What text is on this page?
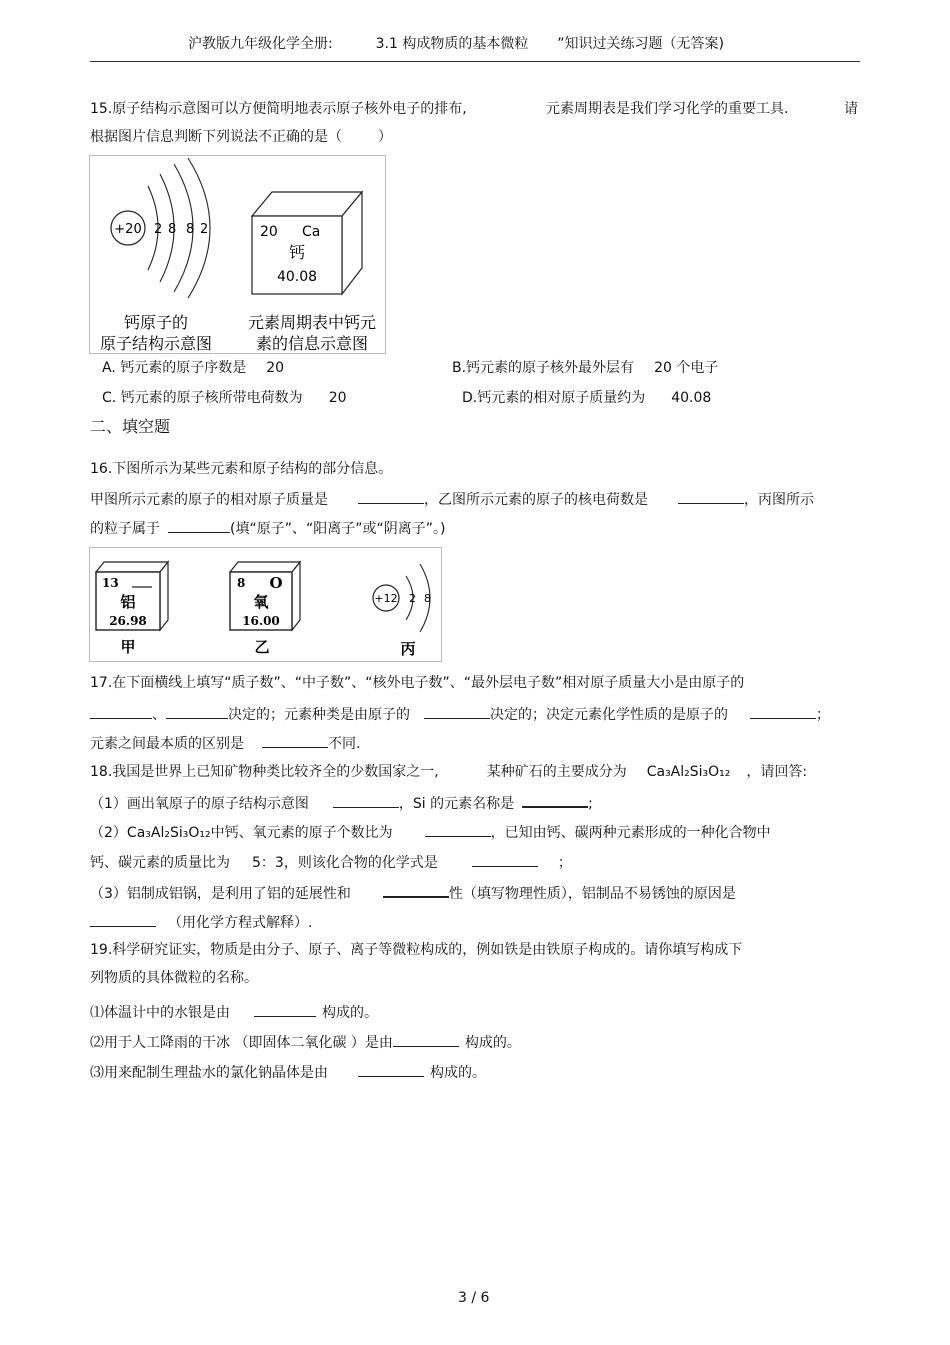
沪教版九年级化学全册:	3.1 构成物质的基本微粒 ”知识过关练习题（无答案)
15.原子结构示意图可以方便简明地表示原子核外电子的排布,	元素周期表是我们学习化学的重要工具.	请
根据图片信息判断下列说法不正确的是（	）
+20 2 8 8 2	20 Ca
钙
40.08
钙原子的
原子结构示意图
元素周期表中钙元
素的信息示意图
A. 钙元素的原子序数是 20	B.钙元素的原子核外最外层有 20 个电子
C. 钙元素的原子核所带电荷数为 20	D.钙元素的相对原子质量约为 40.08
二、填空题
16.下图所示为某些元素和原子结构的部分信息。
甲图所示元素的原子的相对原子质量是	，乙图所示元素的原子的核电荷数是	，丙图所示
的粒子属于	(填“原子”、“阳离子”或“阴离子”。)
13
铝
26.98
甲
8 O
氧
16.00
乙
+12 2 8
丙
17.在下面横线上填写“质子数”、“中子数”、“核外电子数”、“最外层电子数”相对原子质量大小是由原子的
、	决定的；元素种类是由原子的	决定的；决定元素化学性质的是原子的	；
元素之间最本质的区别是	不同.
18.我国是世界上已知矿物种类比较齐全的少数国家之一,	某种矿石的主要成分为 Ca₃Al₂Si₃O₁₂ ，请回答:
（1）画出氧原子的原子结构示意图	，Si 的元素名称是	;
（2）Ca₃Al₂Si₃O₁₂中钙、氧元素的原子个数比为	，已知由钙、碳两种元素形成的一种化合物中
钙、碳元素的质量比为 5：3，则该化合物的化学式是	；
（3）铝制成铝锅，是利用了铝的延展性和	性（填写物理性质），铝制品不易锈蚀的原因是
（用化学方程式解释）.
19.科学研究证实，物质是由分子、原子、离子等微粒构成的，例如铁是由铁原子构成的。请你填写构成下
列物质的具体微粒的名称。
⑴体温计中的水银是由	构成的。
⑵用于人工降雨的干冰 （即固体二氧化碳 ）是由	构成的。
⑶用来配制生理盐水的氯化钠晶体是由	构成的。
3 / 6
